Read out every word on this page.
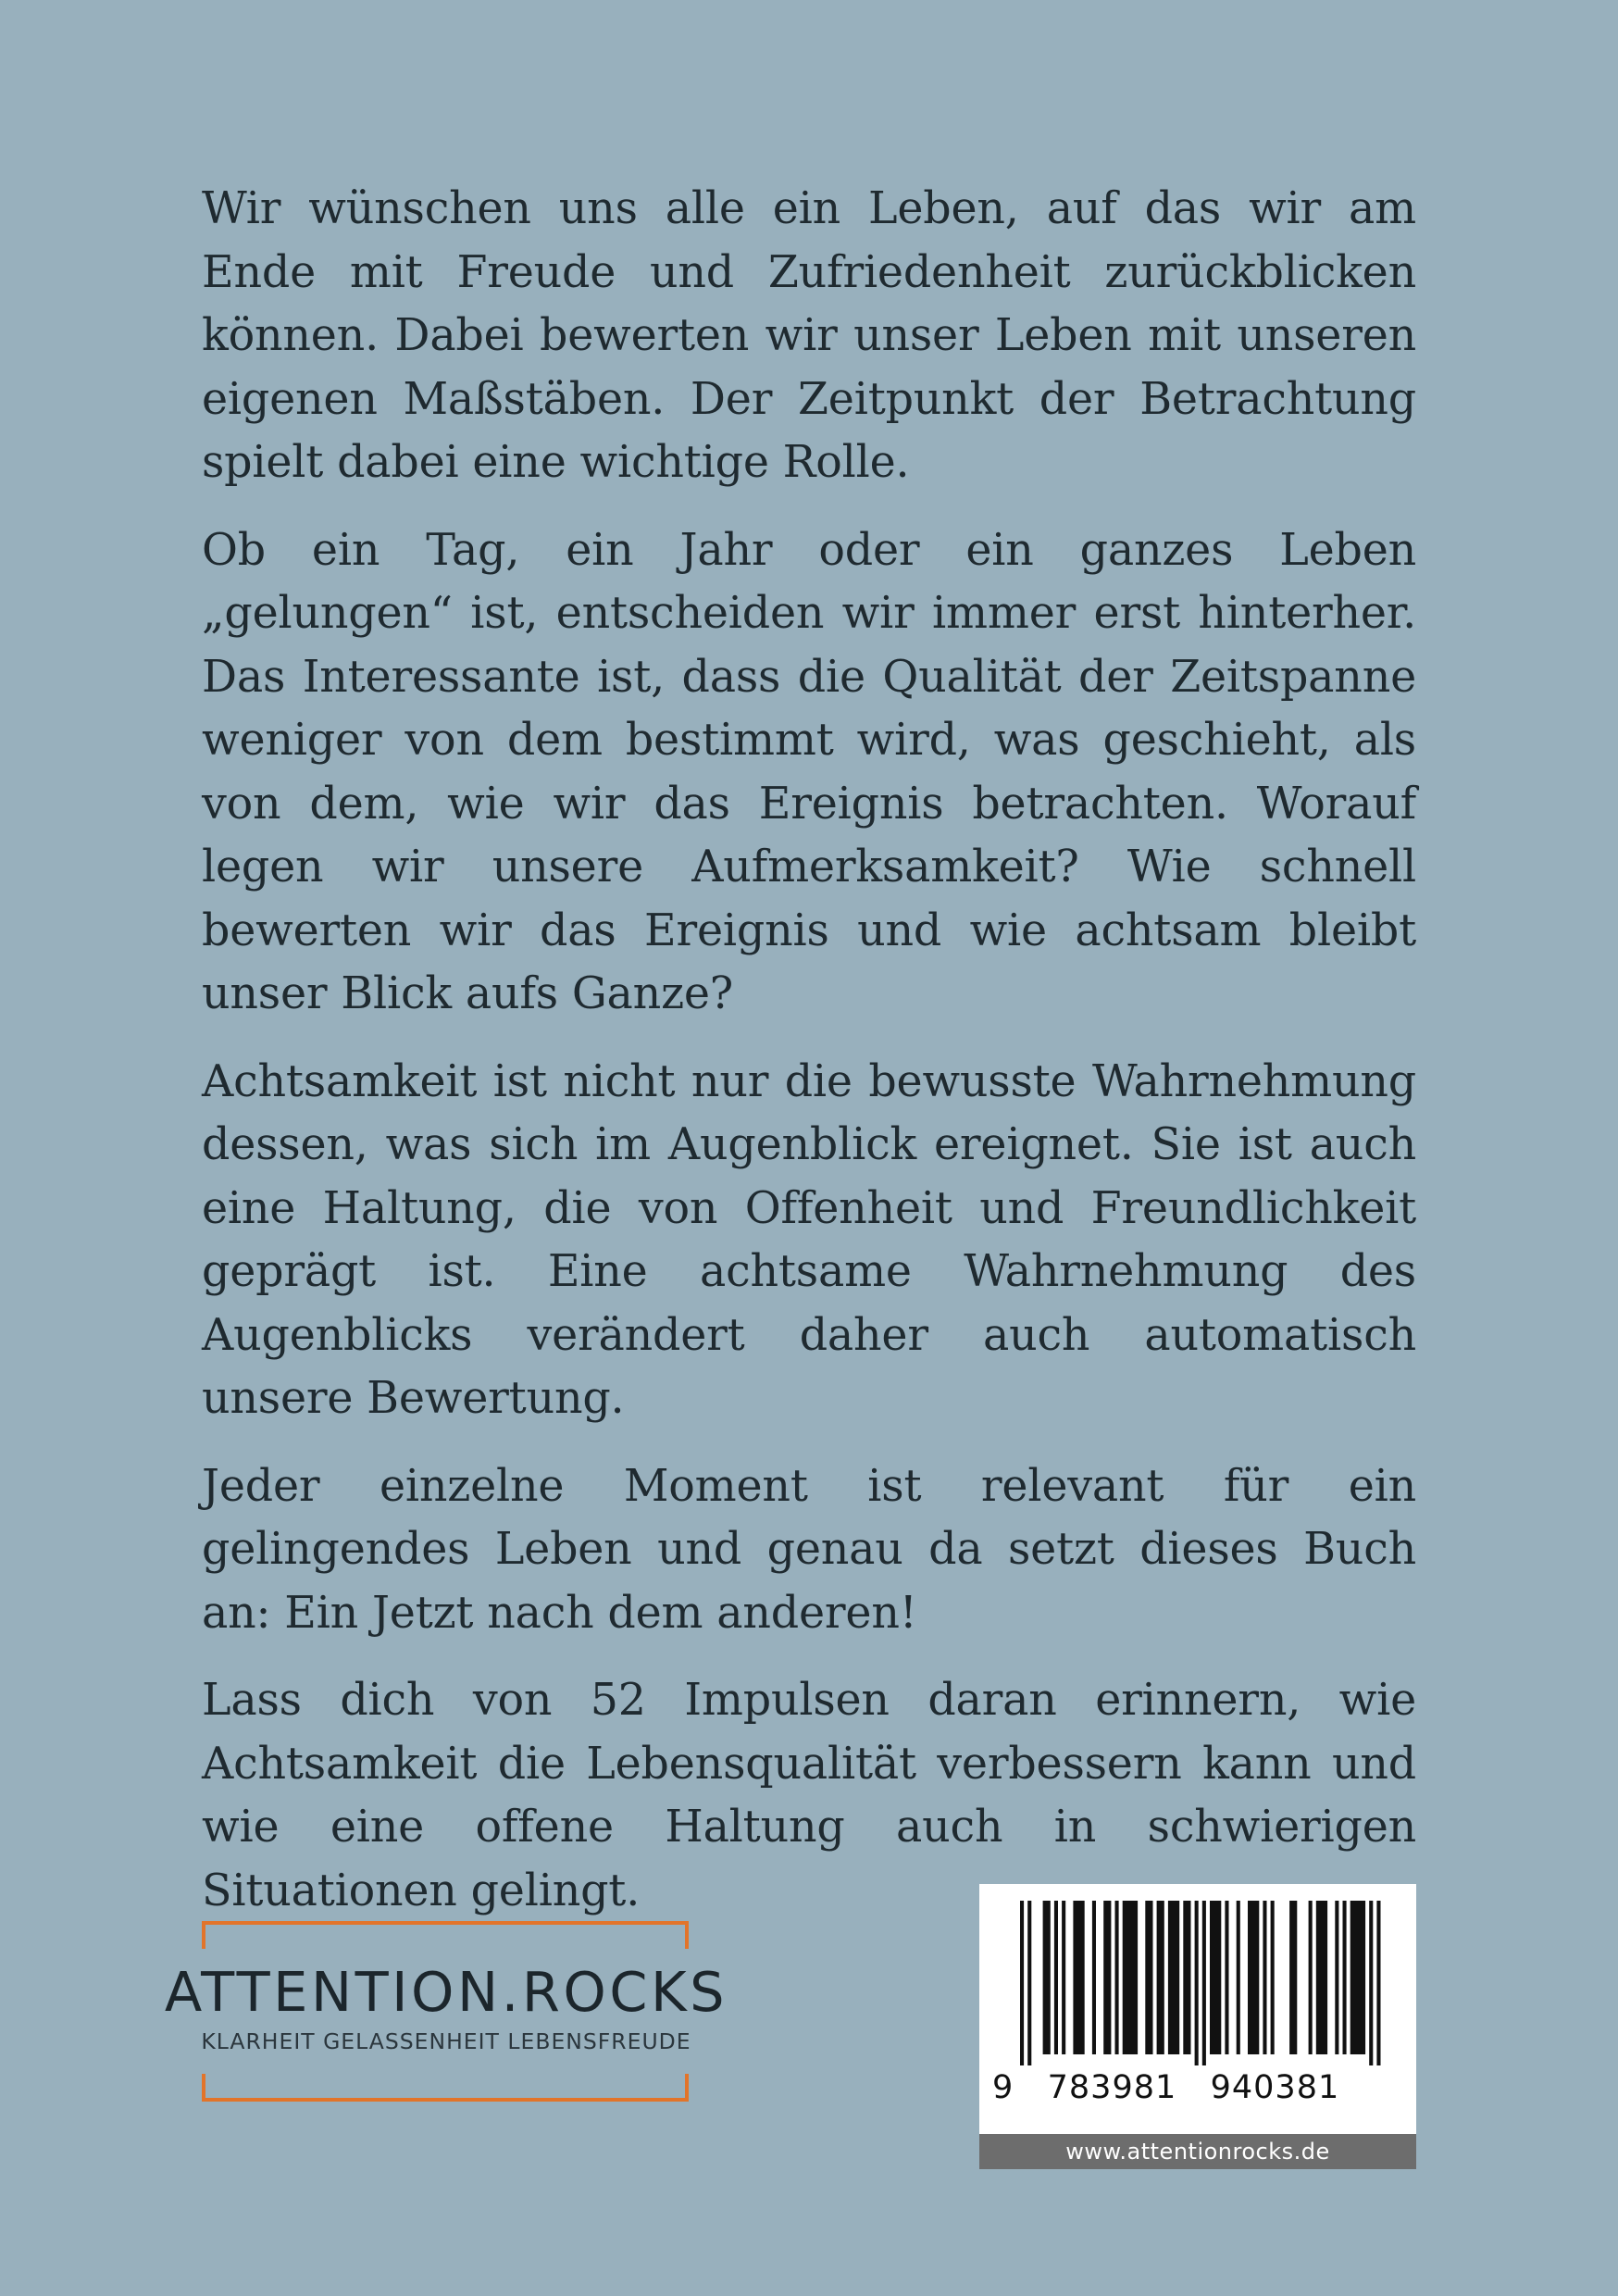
Wir wünschen uns alle ein Leben, auf das wir am Ende mit Freude und Zufriedenheit zurückblicken können. Dabei bewerten wir unser Leben mit unseren eigenen Maßstäben. Der Zeitpunkt der Betrachtung spielt dabei eine wichtige Rolle.

Ob ein Tag, ein Jahr oder ein ganzes Leben „gelungen“ ist, entscheiden wir immer erst hinterher. Das Interessante ist, dass die Qualität der Zeitspanne weniger von dem bestimmt wird, was geschieht, als von dem, wie wir das Ereignis betrachten. Worauf legen wir unsere Aufmerksamkeit? Wie schnell bewerten wir das Ereignis und wie achtsam bleibt unser Blick aufs Ganze?

Achtsamkeit ist nicht nur die bewusste Wahrnehmung dessen, was sich im Augenblick ereignet. Sie ist auch eine Haltung, die von Offenheit und Freundlichkeit geprägt ist. Eine achtsame Wahrnehmung des Augenblicks verändert daher auch automatisch unsere Bewertung.

Jeder einzelne Moment ist relevant für ein gelingendes Leben und genau da setzt dieses Buch an: Ein Jetzt nach dem anderen!

Lass dich von 52 Impulsen daran erinnern, wie Achtsamkeit die Lebensqualität verbessern kann und wie eine offene Haltung auch in schwierigen Situationen gelingt.

ATTENTION.ROCKS
KLARHEIT GELASSENHEIT LEBENSFREUDE
9   783981   940381
www.attentionrocks.de
